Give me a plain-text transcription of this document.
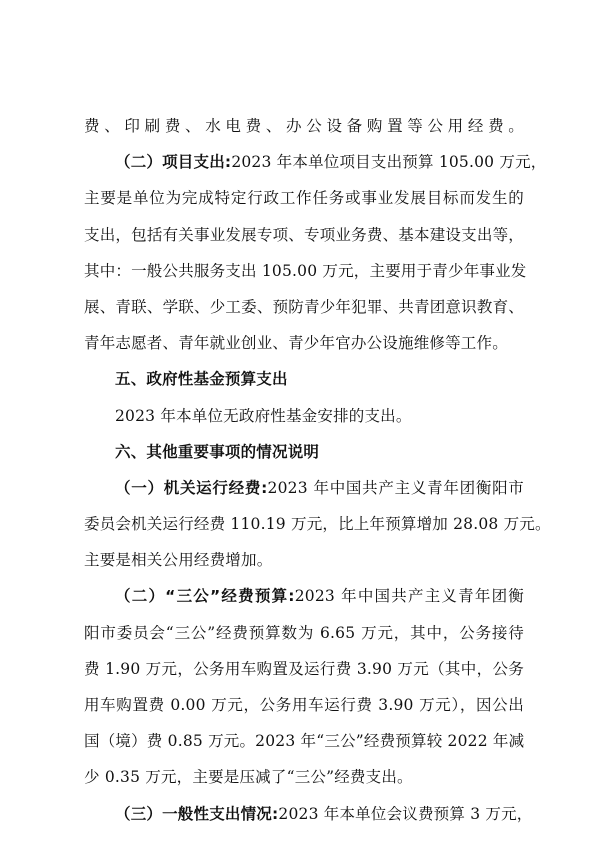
费、印刷费、水电费、办公设备购置等公用经费。
（二）项目支出:2023 年本单位项目支出预算 105.00 万元，
主要是单位为完成特定行政工作任务或事业发展目标而发生的
支出，包括有关事业发展专项、专项业务费、基本建设支出等，
其中：一般公共服务支出 105.00 万元，主要用于青少年事业发
展、青联、学联、少工委、预防青少年犯罪、共青团意识教育、
青年志愿者、青年就业创业、青少年官办公设施维修等工作。
五、政府性基金预算支出
2023 年本单位无政府性基金安排的支出。
六、其他重要事项的情况说明
（一）机关运行经费:2023 年中国共产主义青年团衡阳市
委员会机关运行经费 110.19 万元，比上年预算增加 28.08 万元。
主要是相关公用经费增加。
（二）“三公”经费预算:2023 年中国共产主义青年团衡
阳市委员会“三公”经费预算数为 6.65 万元，其中，公务接待
费 1.90 万元，公务用车购置及运行费 3.90 万元（其中，公务
用车购置费 0.00 万元，公务用车运行费 3.90 万元），因公出
国（境）费 0.85 万元。2023 年“三公”经费预算较 2022 年减
少 0.35 万元，主要是压减了“三公”经费支出。
（三）一般性支出情况:2023 年本单位会议费预算 3 万元，
